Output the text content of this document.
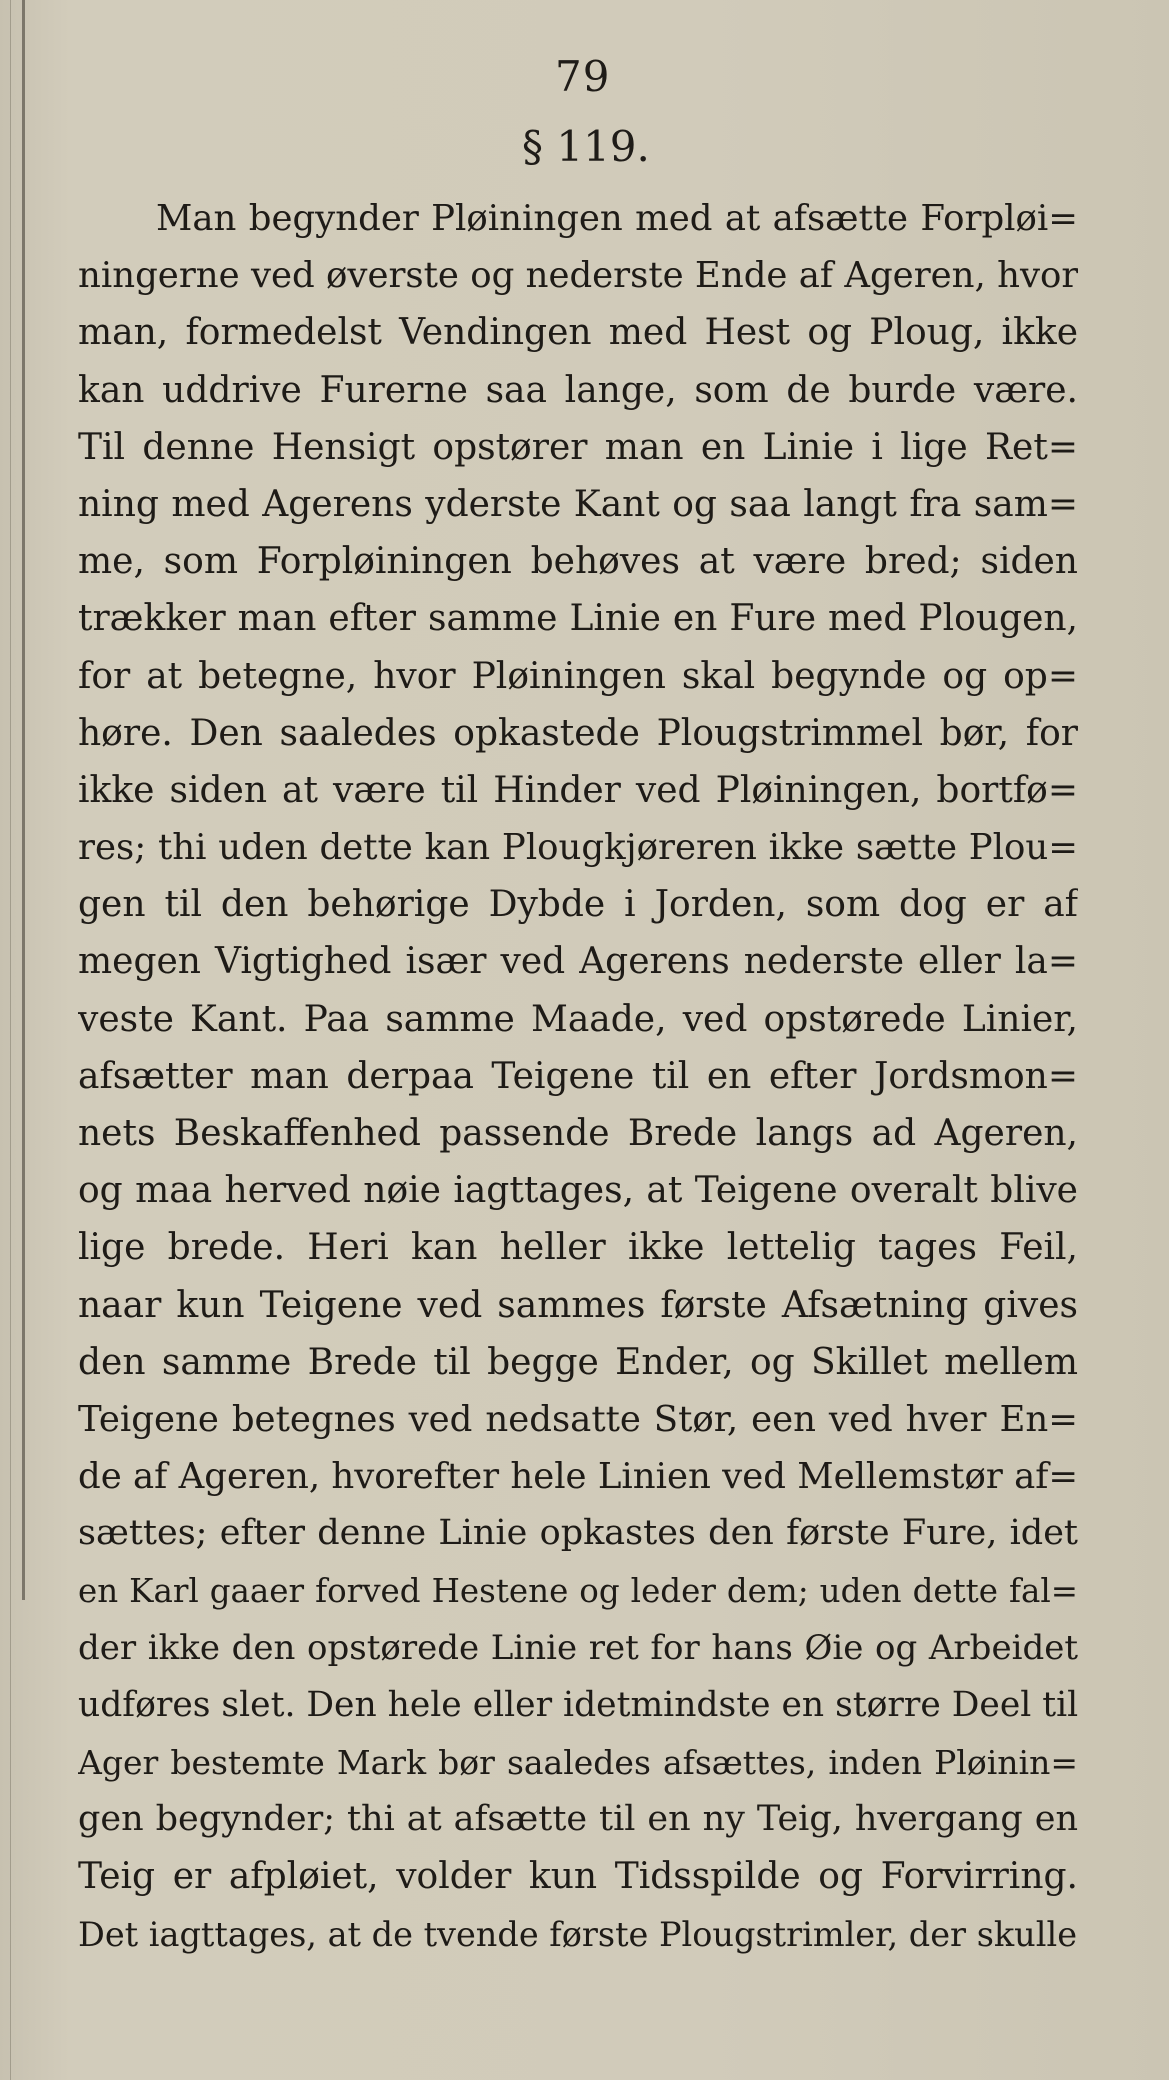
79
§ 119.
Man begynder Pløiningen med at afsætte Forpløi=
ningerne ved øverste og nederste Ende af Ageren, hvor
man, formedelst Vendingen med Hest og Ploug, ikke
kan uddrive Furerne saa lange, som de burde være.
Til denne Hensigt opstører man en Linie i lige Ret=
ning med Agerens yderste Kant og saa langt fra sam=
me, som Forpløiningen behøves at være bred; siden
trækker man efter samme Linie en Fure med Plougen,
for at betegne, hvor Pløiningen skal begynde og op=
høre. Den saaledes opkastede Plougstrimmel bør, for
ikke siden at være til Hinder ved Pløiningen, bortfø=
res; thi uden dette kan Plougkjøreren ikke sætte Plou=
gen til den behørige Dybde i Jorden, som dog er af
megen Vigtighed især ved Agerens nederste eller la=
veste Kant. Paa samme Maade, ved opstørede Linier,
afsætter man derpaa Teigene til en efter Jordsmon=
nets Beskaffenhed passende Brede langs ad Ageren,
og maa herved nøie iagttages, at Teigene overalt blive
lige brede. Heri kan heller ikke lettelig tages Feil,
naar kun Teigene ved sammes første Afsætning gives
den samme Brede til begge Ender, og Skillet mellem
Teigene betegnes ved nedsatte Stør, een ved hver En=
de af Ageren, hvorefter hele Linien ved Mellemstør af=
sættes; efter denne Linie opkastes den første Fure, idet
en Karl gaaer forved Hestene og leder dem; uden dette fal=
der ikke den opstørede Linie ret for hans Øie og Arbeidet
udføres slet. Den hele eller idetmindste en større Deel til
Ager bestemte Mark bør saaledes afsættes, inden Pløinin=
gen begynder; thi at afsætte til en ny Teig, hvergang en
Teig er afpløiet, volder kun Tidsspilde og Forvirring.
Det iagttages, at de tvende første Plougstrimler, der skulle
